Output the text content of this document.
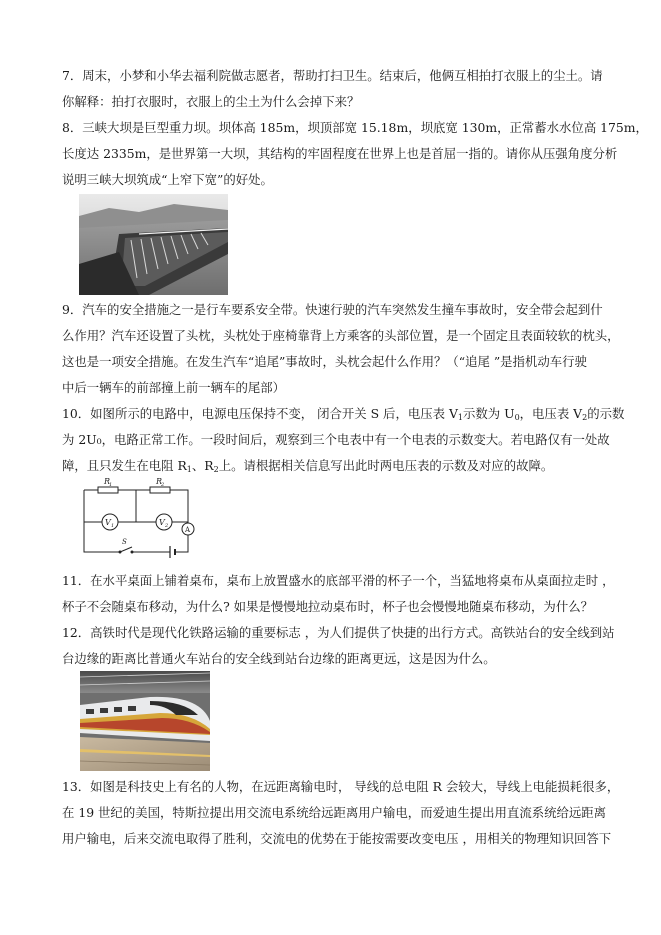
7．周末，小梦和小华去福利院做志愿者，帮助打扫卫生。结束后，他俩互相拍打衣服上的尘土。请
你解释：拍打衣服时，衣服上的尘土为什么会掉下来？
8．三峡大坝是巨型重力坝。坝体高 185m，坝顶部宽 15.18m，坝底宽 130m，正常蓄水水位高 175m，
长度达 2335m，是世界第一大坝，其结构的牢固程度在世界上也是首屈一指的。请你从压强角度分析
说明三峡大坝筑成“上窄下宽”的好处。
9．汽车的安全措施之一是行车要系安全带。快速行驶的汽车突然发生撞车事故时，安全带会起到什
么作用？汽车还设置了头枕，头枕处于座椅靠背上方乘客的头部位置，是一个固定且表面较软的枕头，
这也是一项安全措施。在发生汽车“追尾”事故时，头枕会起什么作用？（“追尾 ”是指机动车行驶
中后一辆车的前部撞上前一辆车的尾部）
10．如图所示的电路中，电源电压保持不变， 闭合开关 S 后，电压表 $V_1$示数为 $U_0$，电压表 $V_2$的示数
为 2U₀，电路正常工作。一段时间后，观察到三个电表中有一个电表的示数变大。若电路仅有一处故
障，且只发生在电阻 $R_1$、$R_2$上。请根据相关信息写出此时两电压表的示数及对应的故障。
R
1	R
2
V 1	V 2 A
S
11．在水平桌面上铺着桌布，桌布上放置盛水的底部平滑的杯子一个，当猛地将桌布从桌面拉走时 ，
杯子不会随桌布移动，为什么? 如果是慢慢地拉动桌布时，杯子也会慢慢地随桌布移动，为什么？
12．高铁时代是现代化铁路运输的重要标志 ，为人们提供了快捷的出行方式。高铁站台的安全线到站
台边缘的距离比普通火车站台的安全线到站台边缘的距离更远，这是因为什么。
13．如图是科技史上有名的人物，在远距离输电时， 导线的总电阻 R 会较大，导线上电能损耗很多，
在 19 世纪的美国，特斯拉提出用交流电系统给远距离用户输电，而爱迪生提出用直流系统给远距离
用户输电，后来交流电取得了胜利，交流电的优势在于能按需要改变电压 ，用相关的物理知识回答下
